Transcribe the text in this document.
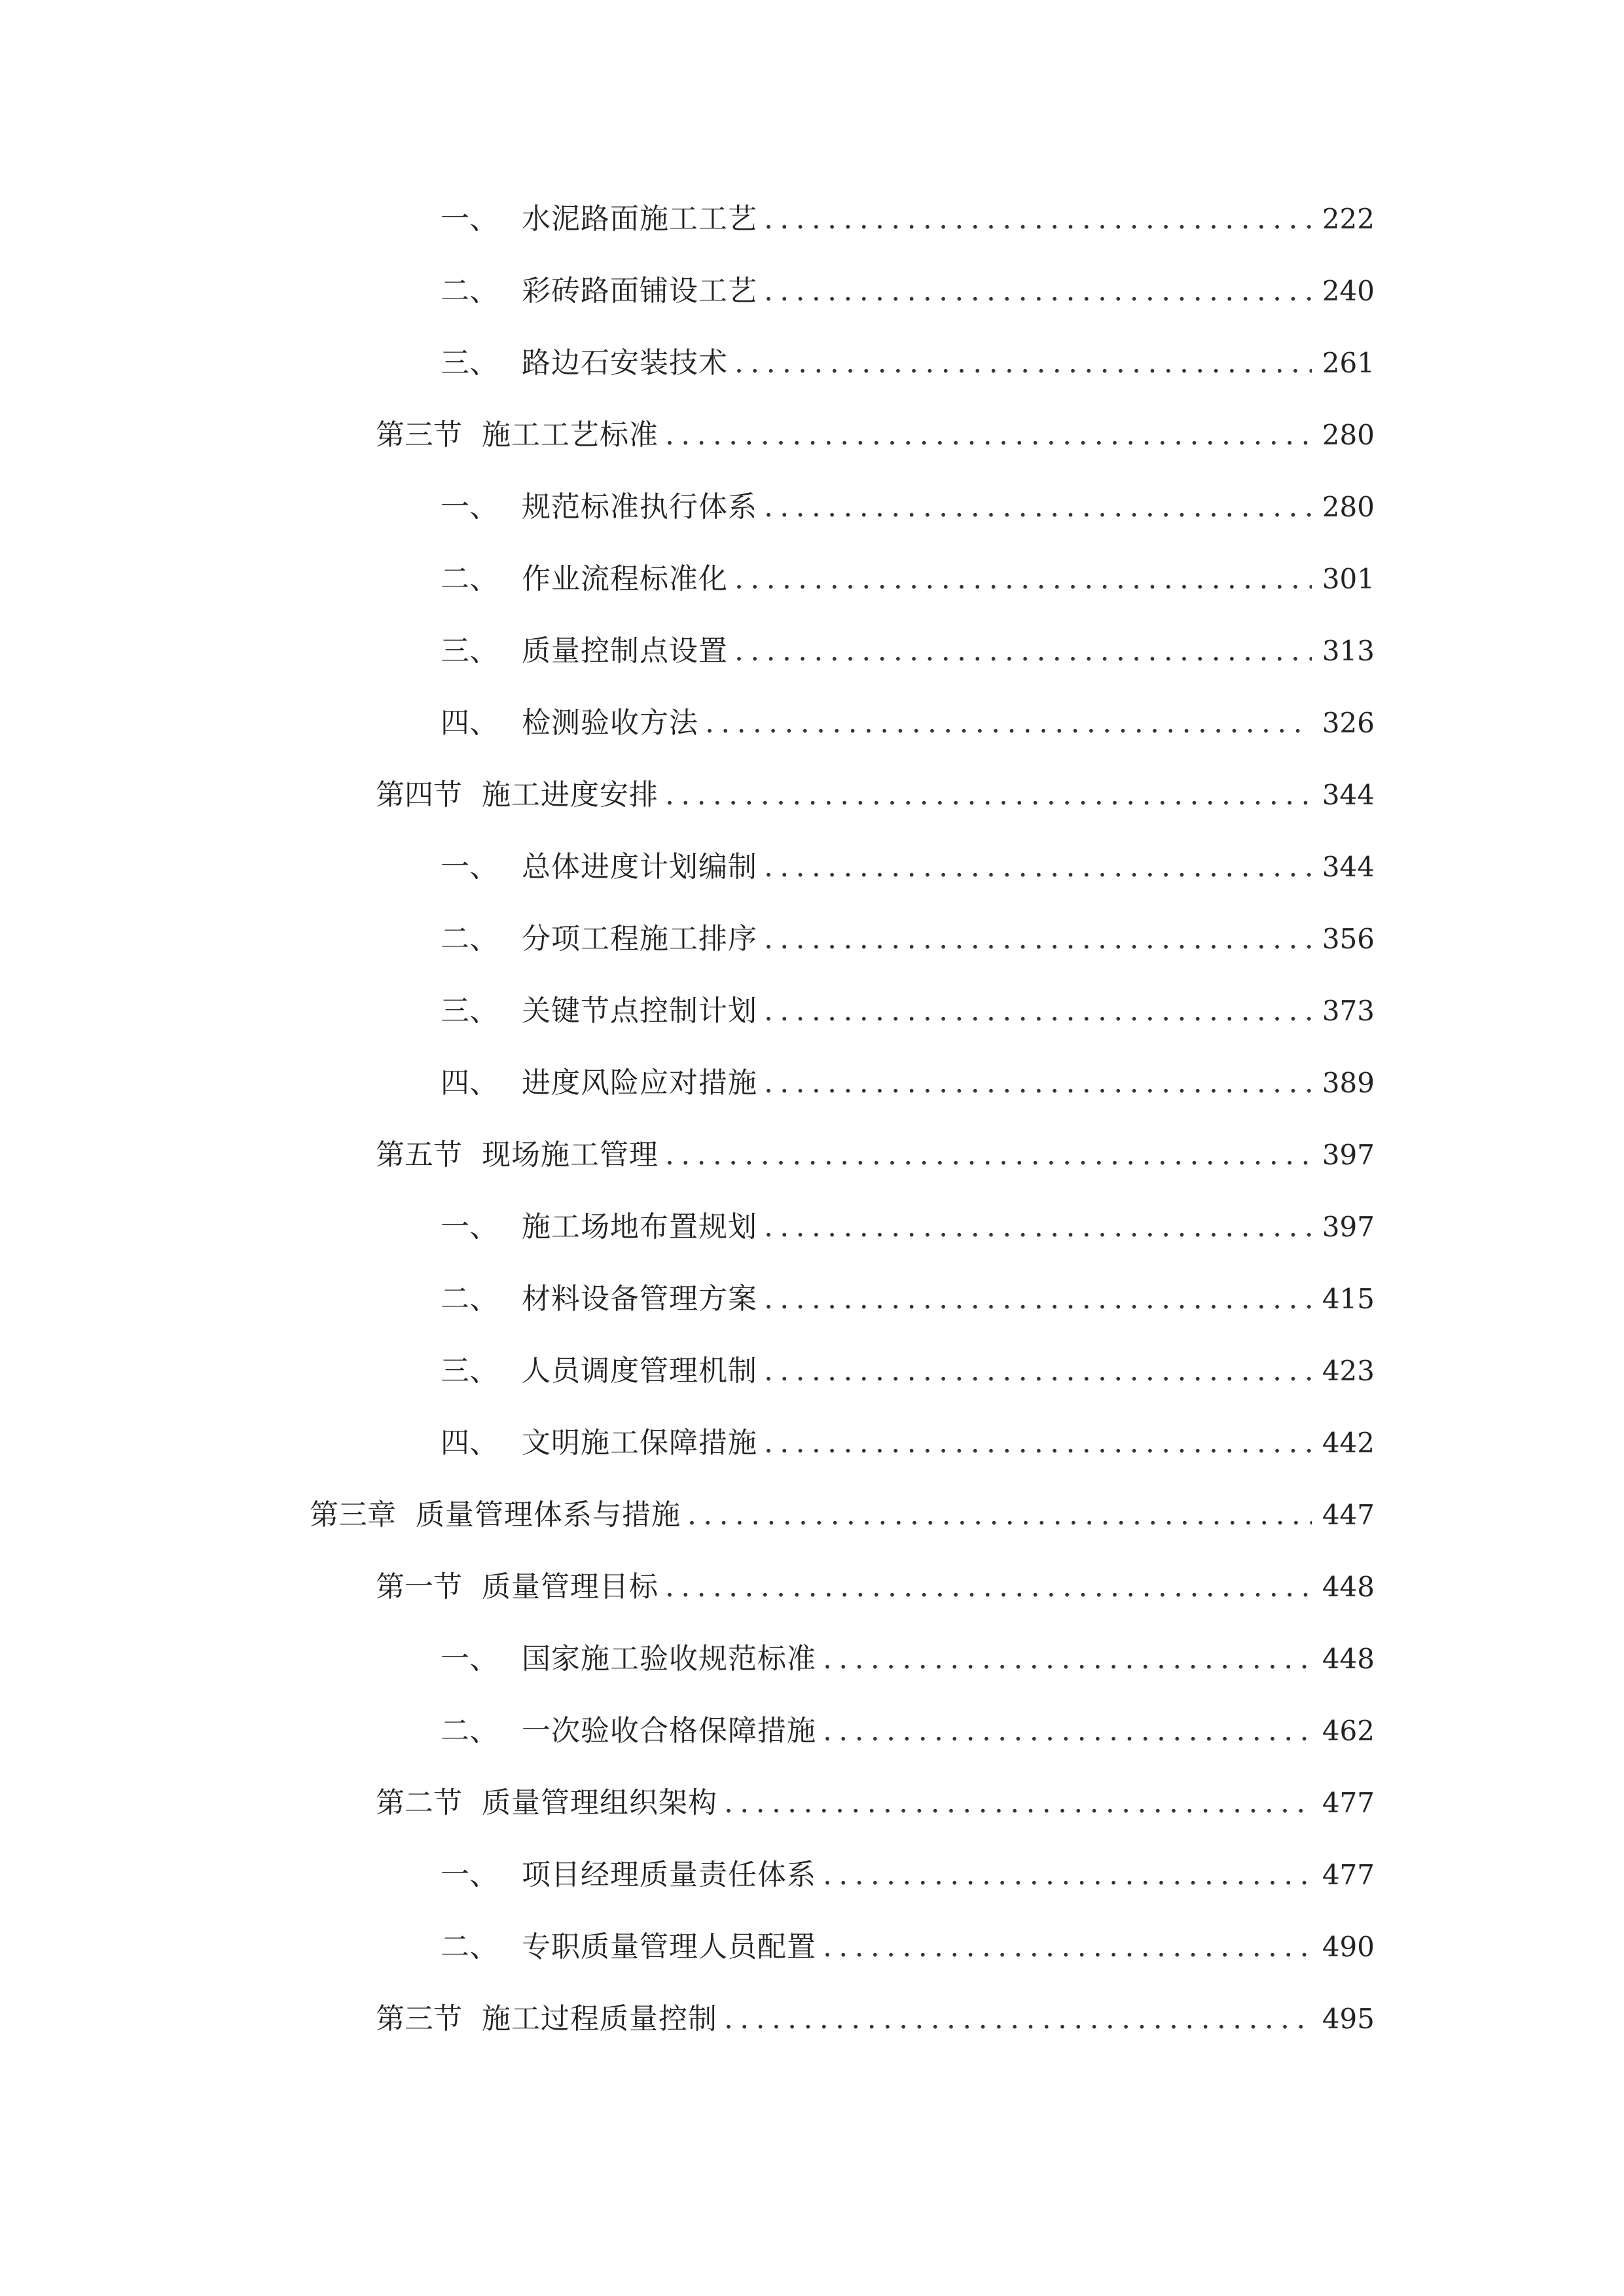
一、 水泥路面施工工艺 .....	222
二、 彩砖路面铺设工艺 .....	240
三、 路边石安装技术 .....	261
第三节 施工工艺标准 .....	280
一、 规范标准执行体系 .....	280
二、 作业流程标准化 .....	301
三、 质量控制点设置 .....	313
四、 检测验收方法 .....	326
第四节 施工进度安排 .....	344
一、 总体进度计划编制 .....	344
二、 分项工程施工排序 .....	356
三、 关键节点控制计划 .....	373
四、 进度风险应对措施 .....	389
第五节 现场施工管理 .....	397
一、 施工场地布置规划 .....	397
二、 材料设备管理方案 .....	415
三、 人员调度管理机制 .....	423
四、 文明施工保障措施 .....	442
第三章 质量管理体系与措施 .....	447
第一节 质量管理目标 .....	448
一、 国家施工验收规范标准 .....	448
二、 一次验收合格保障措施 .....	462
第二节 质量管理组织架构 .....	477
一、 项目经理质量责任体系 .....	477
二、 专职质量管理人员配置 .....	490
第三节 施工过程质量控制 .....	495
